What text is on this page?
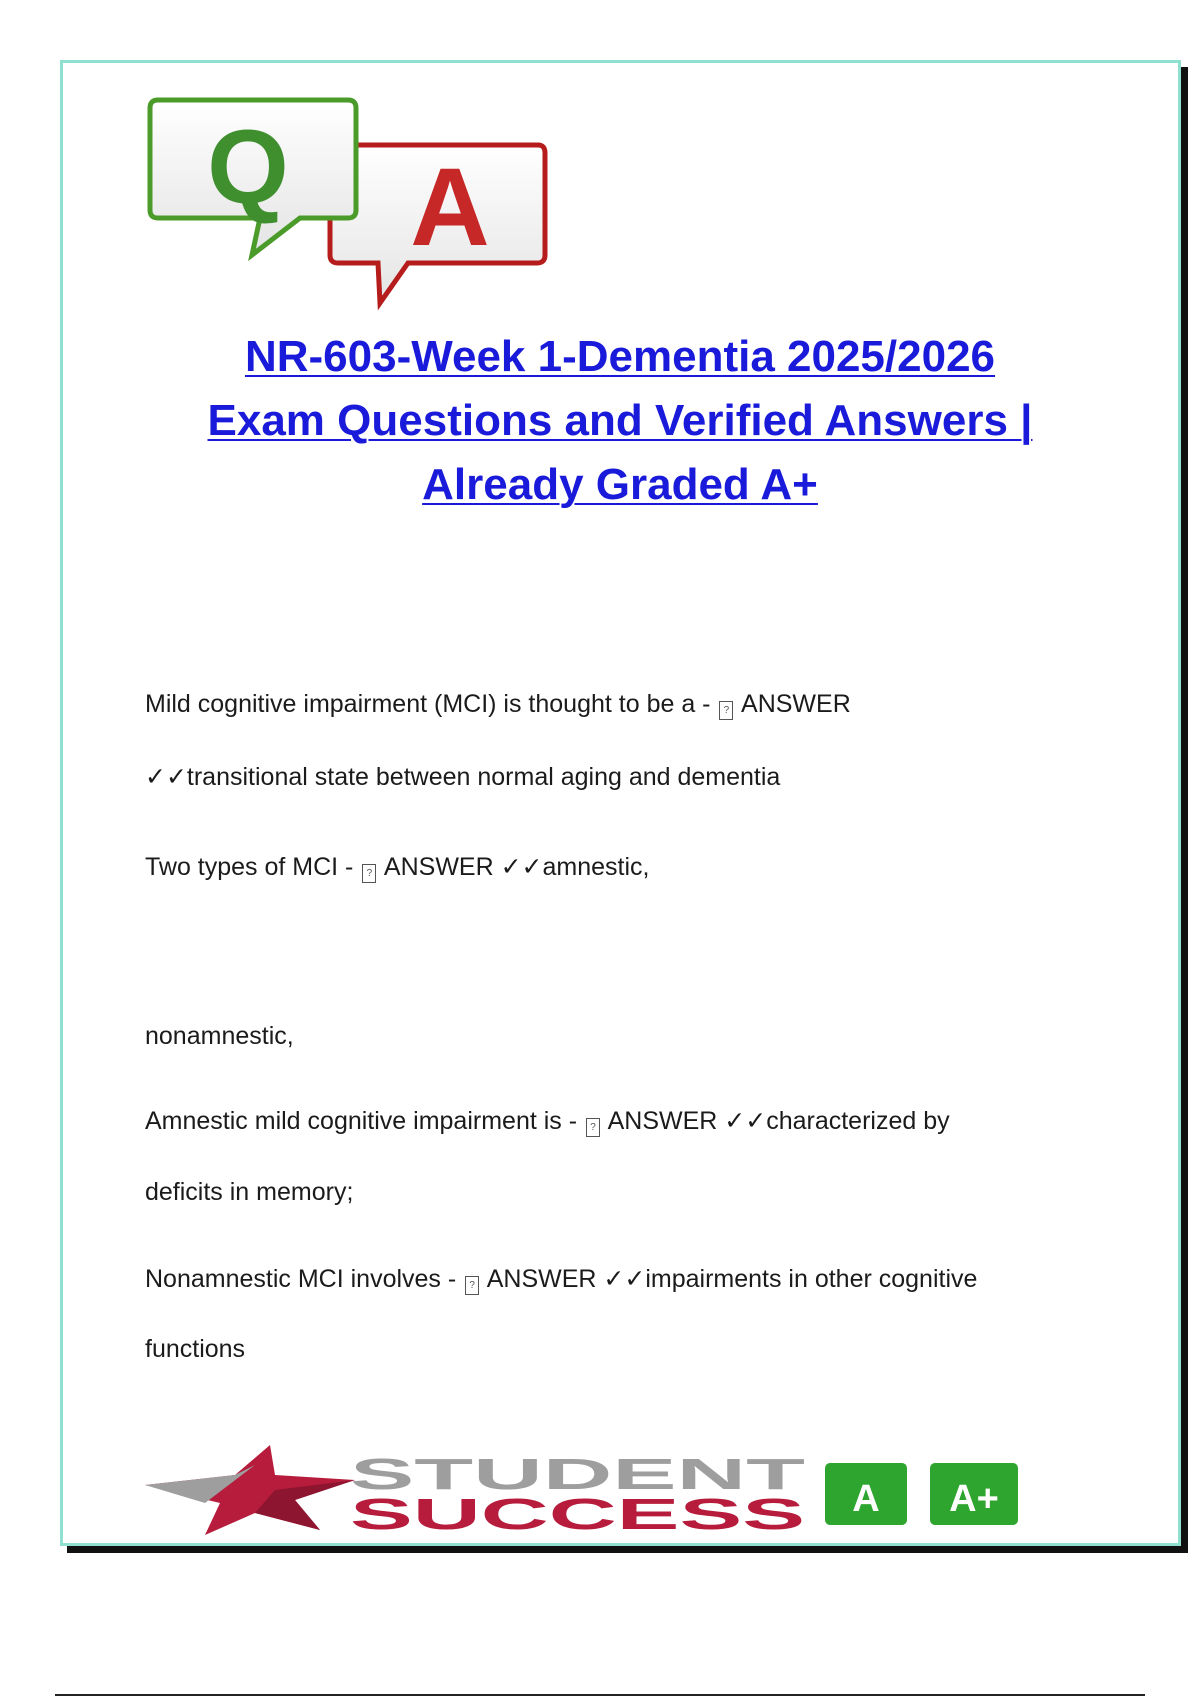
A
Q
NR-603-Week 1-Dementia 2025/2026
Exam Questions and Verified Answers |
Already Graded A+
Mild cognitive impairment (MCI) is thought to be a - ? ANSWER
✓✓transitional state between normal aging and dementia
Two types of MCI - ? ANSWER ✓✓amnestic,
nonamnestic,
Amnestic mild cognitive impairment is - ? ANSWER ✓✓characterized by
deficits in memory;
Nonamnestic MCI involves - ? ANSWER ✓✓impairments in other cognitive
functions
STUDENT
SUCCESS A A+
